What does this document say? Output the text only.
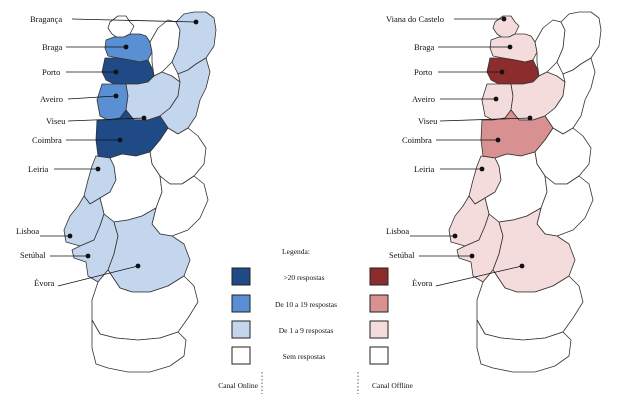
Bragança
Braga
Porto
Aveiro
Viseu
Coimbra
Leiria
Lisboa
Setúbal
Évora
Viana do Castelo
Braga
Porto
Aveiro
Viseu
Coimbra
Leiria
Lisboa
Setúbal
Évora
Legenda:
>20 respostas
De 10 a 19 respostas
De 1 a 9 respostas
Sem respostas
Canal Online	Canal Offline
